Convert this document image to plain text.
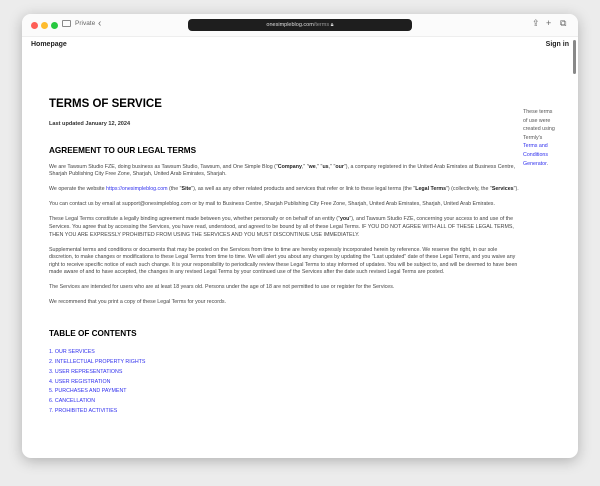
Private ‹	onesimpleblog.com/terms 🔒︎	⇪ + ⧉
Homepage	Sign in
TERMS OF SERVICE
Last updated January 12, 2024
AGREEMENT TO OUR LEGAL TERMS

We are Tawsum Studio FZE, doing business as Tawsum Studio, Tawsum, and One Simple Blog ("Company," "we," "us," "our"), a company registered in the United Arab Emirates at Business Centre, Sharjah Publishing City Free Zone, Sharjah, United Arab Emirates, Sharjah.

We operate the website https://onesimpleblog.com (the "Site"), as well as any other related products and services that refer or link to these legal terms (the "Legal Terms") (collectively, the "Services").

You can contact us by email at support@onesimpleblog.com or by mail to Business Centre, Sharjah Publishing City Free Zone, Sharjah, United Arab Emirates, Sharjah, United Arab Emirates.

These Legal Terms constitute a legally binding agreement made between you, whether personally or on behalf of an entity ("you"), and Tawsum Studio FZE, concerning your access to and use of the Services. You agree that by accessing the Services, you have read, understood, and agreed to be bound by all of these Legal Terms. IF YOU DO NOT AGREE WITH ALL OF THESE LEGAL TERMS, THEN YOU ARE EXPRESSLY PROHIBITED FROM USING THE SERVICES AND YOU MUST DISCONTINUE USE IMMEDIATELY.

Supplemental terms and conditions or documents that may be posted on the Services from time to time are hereby expressly incorporated herein by reference. We reserve the right, in our sole discretion, to make changes or modifications to these Legal Terms from time to time. We will alert you about any changes by updating the "Last updated" date of these Legal Terms, and you waive any right to receive specific notice of each such change. It is your responsibility to periodically review these Legal Terms to stay informed of updates. You will be subject to, and will be deemed to have been made aware of and to have accepted, the changes in any revised Legal Terms by your continued use of the Services after the date such revised Legal Terms are posted.

The Services are intended for users who are at least 18 years old. Persons under the age of 18 are not permitted to use or register for the Services.

We recommend that you print a copy of these Legal Terms for your records.

TABLE OF CONTENTS
1. OUR SERVICES
2. INTELLECTUAL PROPERTY RIGHTS
3. USER REPRESENTATIONS
4. USER REGISTRATION
5. PURCHASES AND PAYMENT
6. CANCELLATION
7. PROHIBITED ACTIVITIES
These terms of use were created using Termly's Terms and Conditions Generator.
